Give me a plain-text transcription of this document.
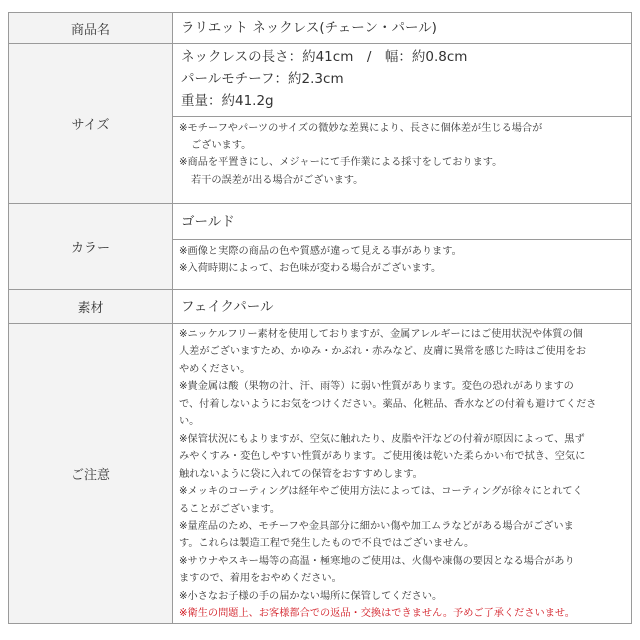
商品名	ラリエット ネックレス(チェーン・パール)
サイズ
ネックレスの長さ：約41cm　/　幅：約0.8cm
パールモチーフ：約2.3cm
重量：約41.2g
※モチーフやパーツのサイズの微妙な差異により、長さに個体差が生じる場合が
ございます。
※商品を平置きにし、メジャーにて手作業による採寸をしております。
若干の誤差が出る場合がございます。
カラー
ゴールド
※画像と実際の商品の色や質感が違って見える事があります。
※入荷時期によって、お色味が変わる場合がございます。
素材	フェイクパール
ご注意
※ニッケルフリー素材を使用しておりますが、金属アレルギーにはご使用状況や体質の個
人差がございますため、かゆみ・かぶれ・赤みなど、皮膚に異常を感じた時はご使用をお
やめください。
※貴金属は酸（果物の汁、汗、雨等）に弱い性質があります。変色の恐れがありますの
で、付着しないようにお気をつけください。薬品、化粧品、香水などの付着も避けてくださ
い。
※保管状況にもよりますが、空気に触れたり、皮脂や汗などの付着が原因によって、黒ず
みやくすみ・変色しやすい性質があります。ご使用後は乾いた柔らかい布で拭き、空気に
触れないように袋に入れての保管をおすすめします。
※メッキのコーティングは経年やご使用方法によっては、コーティングが徐々にとれてく
ることがございます。
※量産品のため、モチーフや金具部分に細かい傷や加工ムラなどがある場合がございま
す。これらは製造工程で発生したもので不良ではございません。
※サウナやスキー場等の高温・極寒地のご使用は、火傷や凍傷の要因となる場合があり
ますので、着用をおやめください。
※小さなお子様の手の届かない場所に保管してください。
※衛生の問題上、お客様都合での返品・交換はできません。予めご了承くださいませ。
